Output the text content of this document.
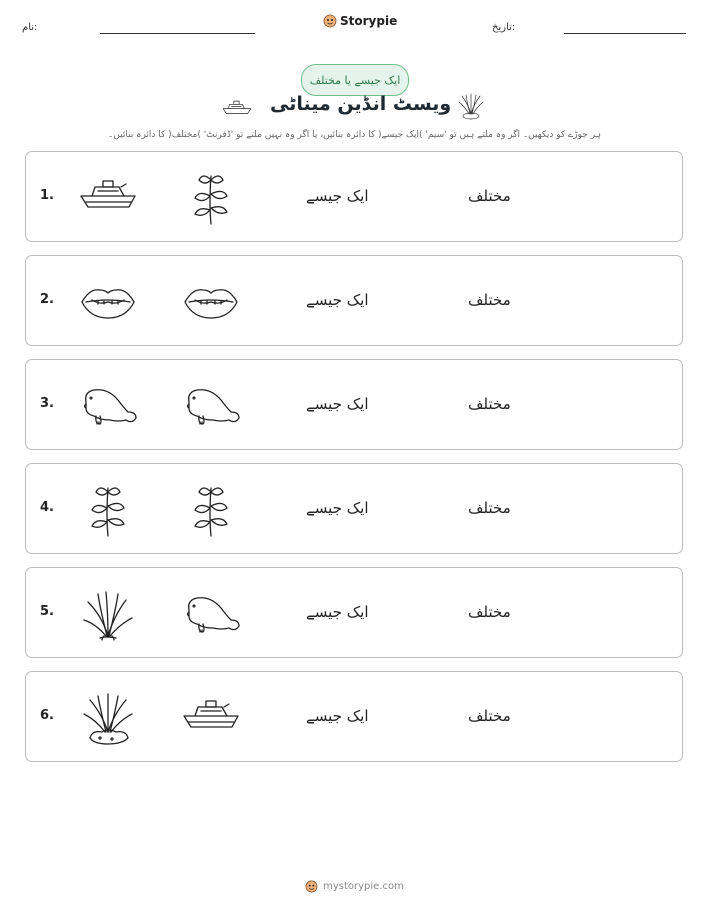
نام:	Storypie	تاریخ:
ایک جیسے یا مختلف
ویسٹ انڈین میناٹی
ہر جوڑے کو دیکھیں۔ اگر وہ ملتے ہیں تو 'سیم' )ایک جیسے( کا دائرہ بنائیں، یا اگر وہ نہیں ملتے تو 'ڈفرنٹ' )مختلف( کا دائرہ بنائیں۔
1.	ایک جیسے	مختلف
2.	ایک جیسے	مختلف
3.	ایک جیسے	مختلف
4.	ایک جیسے	مختلف
5.	ایک جیسے	مختلف
6.	ایک جیسے	مختلف
mystorypie.com
